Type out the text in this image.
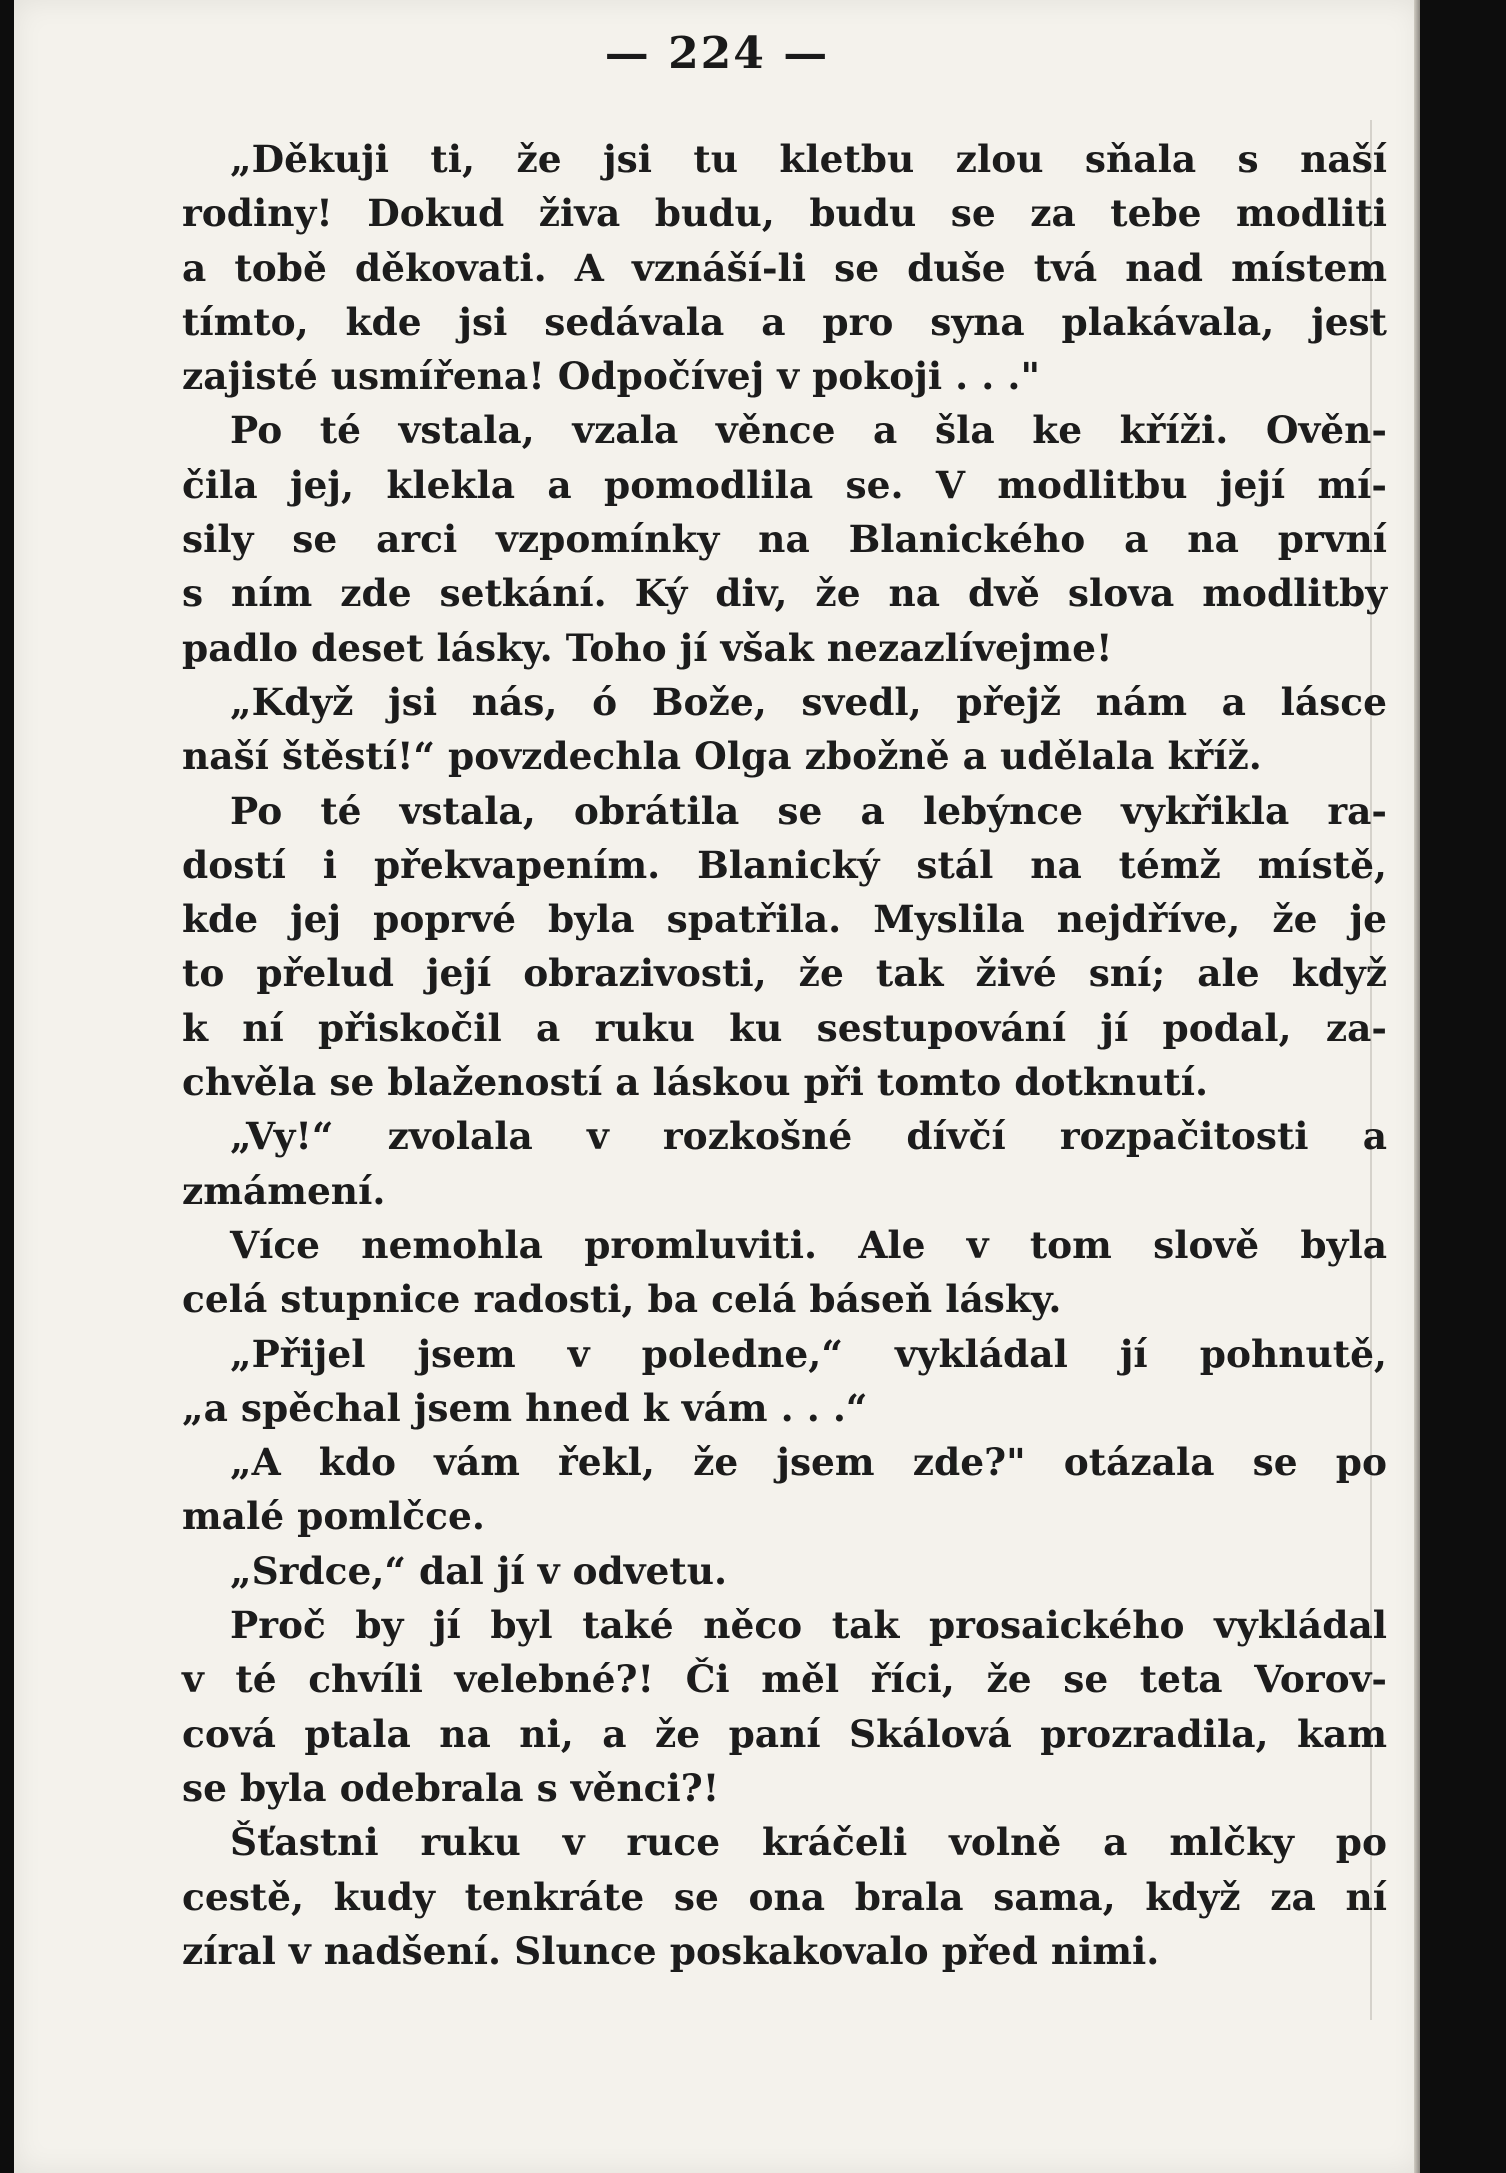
— 224 —
„Děkuji ti, že jsi tu kletbu zlou sňala s naší
rodiny! Dokud živa budu, budu se za tebe modliti
a tobě děkovati. A vznáší-li se duše tvá nad místem
tímto, kde jsi sedávala a pro syna plakávala, jest
zajisté usmířena! Odpočívej v pokoji . . ."
Po té vstala, vzala věnce a šla ke kříži. Ověn-
čila jej, klekla a pomodlila se. V modlitbu její mí-
sily se arci vzpomínky na Blanického a na první
s ním zde setkání. Ký div, že na dvě slova modlitby
padlo deset lásky. Toho jí však nezazlívejme!
„Když jsi nás, ó Bože, svedl, přejž nám a lásce
naší štěstí!“ povzdechla Olga zbožně a udělala kříž.
Po té vstala, obrátila se a lebýnce vykřikla ra-
dostí i překvapením. Blanický stál na témž místě,
kde jej poprvé byla spatřila. Myslila nejdříve, že je
to přelud její obrazivosti, že tak živé sní; ale když
k ní přiskočil a ruku ku sestupování jí podal, za-
chvěla se blažeností a láskou při tomto dotknutí.
„Vy!“ zvolala v rozkošné dívčí rozpačitosti a
zmámení.
Více nemohla promluviti. Ale v tom slově byla
celá stupnice radosti, ba celá báseň lásky.
„Přijel jsem v poledne,“ vykládal jí pohnutě,
„a spěchal jsem hned k vám . . .“
„A kdo vám řekl, že jsem zde?" otázala se po
malé pomlčce.
„Srdce,“ dal jí v odvetu.
Proč by jí byl také něco tak prosaického vykládal
v té chvíli velebné?! Či měl říci, že se teta Vorov-
cová ptala na ni, a že paní Skálová prozradila, kam
se byla odebrala s věnci?!
Šťastni ruku v ruce kráčeli volně a mlčky po
cestě, kudy tenkráte se ona brala sama, když za ní
zíral v nadšení. Slunce poskakovalo před nimi.
